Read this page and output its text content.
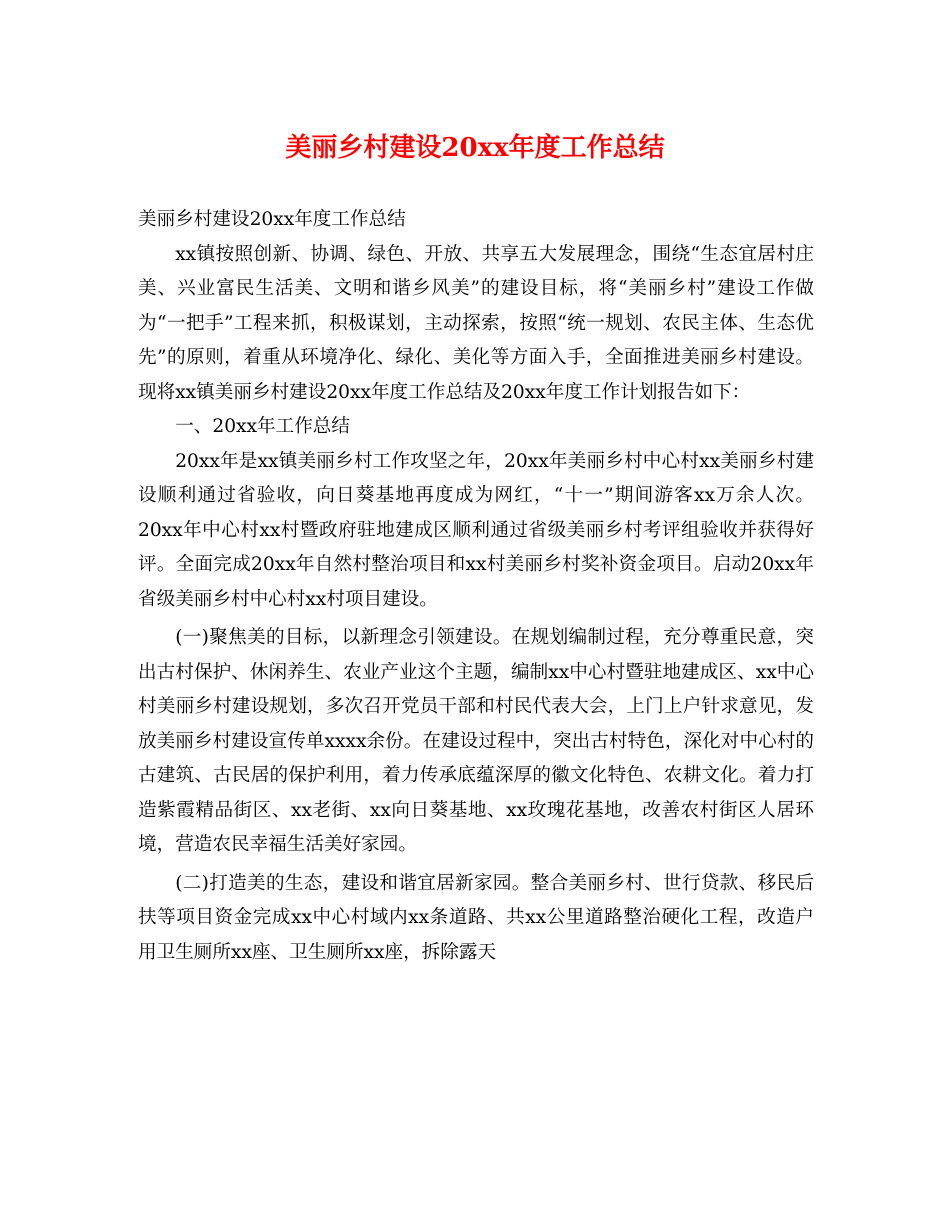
美丽乡村建设20xx年度工作总结

美丽乡村建设20xx年度工作总结

xx镇按照创新、协调、绿色、开放、共享五大发展理念，围绕“生态宜居村庄美、兴业富民生活美、文明和谐乡风美”的建设目标，将“美丽乡村”建设工作做为“一把手”工程来抓，积极谋划，主动探索，按照“统一规划、农民主体、生态优先”的原则，着重从环境净化、绿化、美化等方面入手，全面推进美丽乡村建设。现将xx镇美丽乡村建设20xx年度工作总结及20xx年度工作计划报告如下：

一、20xx年工作总结

20xx年是xx镇美丽乡村工作攻坚之年，20xx年美丽乡村中心村xx美丽乡村建设顺利通过省验收，向日葵基地再度成为网红，“十一”期间游客xx万余人次。20xx年中心村xx村暨政府驻地建成区顺利通过省级美丽乡村考评组验收并获得好评。全面完成20xx年自然村整治项目和xx村美丽乡村奖补资金项目。启动20xx年省级美丽乡村中心村xx村项目建设。

(一)聚焦美的目标，以新理念引领建设。在规划编制过程，充分尊重民意，突出古村保护、休闲养生、农业产业这个主题，编制xx中心村暨驻地建成区、xx中心村美丽乡村建设规划，多次召开党员干部和村民代表大会，上门上户针求意见，发放美丽乡村建设宣传单xxxx余份。在建设过程中，突出古村特色，深化对中心村的古建筑、古民居的保护利用，着力传承底蕴深厚的徽文化特色、农耕文化。着力打造紫霞精品街区、xx老街、xx向日葵基地、xx玫瑰花基地，改善农村街区人居环境，营造农民幸福生活美好家园。

(二)打造美的生态，建设和谐宜居新家园。整合美丽乡村、世行贷款、移民后扶等项目资金完成xx中心村域内xx条道路、共xx公里道路整治硬化工程，改造户用卫生厕所xx座、卫生厕所xx座，拆除露天
